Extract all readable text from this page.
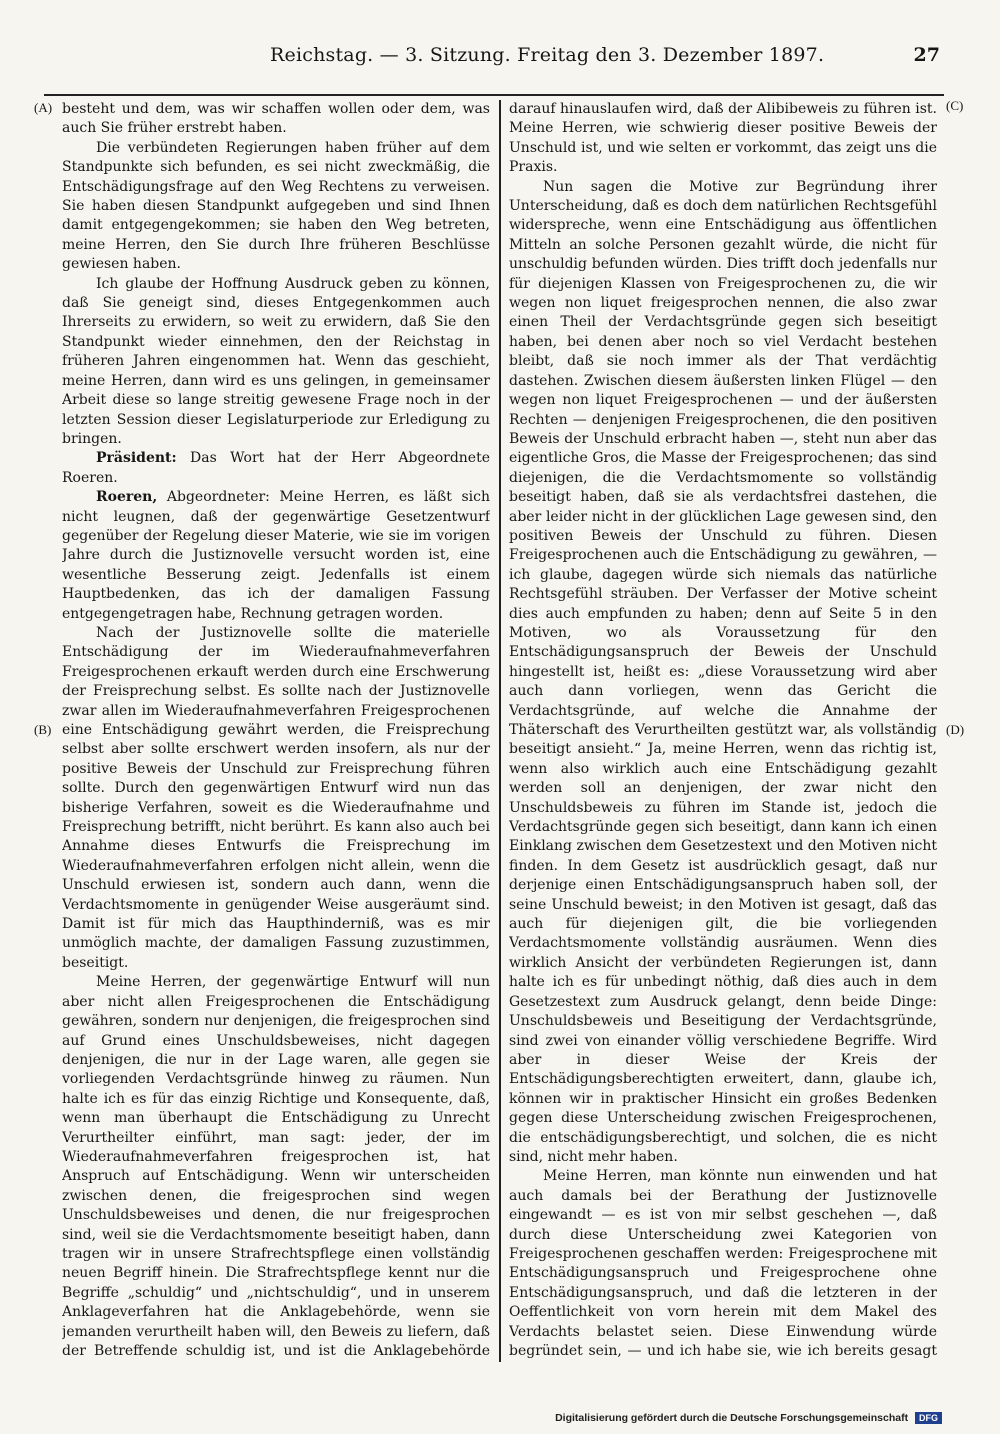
Reichstag. — 3. Sitzung. Freitag den 3. Dezember 1897.	27
(A)
(B)
(C)
(D)

besteht und dem, was wir schaffen wollen oder dem, was auch Sie früher erstrebt haben.

Die verbündeten Regierungen haben früher auf dem Standpunkte sich befunden, es sei nicht zweckmäßig, die Entschädigungsfrage auf den Weg Rechtens zu verweisen. Sie haben diesen Standpunkt aufgegeben und sind Ihnen damit entgegengekommen; sie haben den Weg betreten, meine Herren, den Sie durch Ihre früheren Beschlüsse gewiesen haben.

Ich glaube der Hoffnung Ausdruck geben zu können, daß Sie geneigt sind, dieses Entgegenkommen auch Ihrerseits zu erwidern, so weit zu erwidern, daß Sie den Standpunkt wieder einnehmen, den der Reichstag in früheren Jahren eingenommen hat. Wenn das geschieht, meine Herren, dann wird es uns gelingen, in gemeinsamer Arbeit diese so lange streitig gewesene Frage noch in der letzten Session dieser Legislaturperiode zur Erledigung zu bringen.

Präsident: Das Wort hat der Herr Abgeordnete Roeren.

Roeren, Abgeordneter: Meine Herren, es läßt sich nicht leugnen, daß der gegenwärtige Gesetzentwurf gegenüber der Regelung dieser Materie, wie sie im vorigen Jahre durch die Justiznovelle versucht worden ist, eine wesentliche Besserung zeigt. Jedenfalls ist einem Hauptbedenken, das ich der damaligen Fassung entgegengetragen habe, Rechnung getragen worden.

Nach der Justiznovelle sollte die materielle Entschädigung der im Wiederaufnahmeverfahren Freigesprochenen erkauft werden durch eine Erschwerung der Freisprechung selbst. Es sollte nach der Justiznovelle zwar allen im Wiederaufnahmeverfahren Freigesprochenen eine Entschädigung gewährt werden, die Freisprechung selbst aber sollte erschwert werden insofern, als nur der positive Beweis der Unschuld zur Freisprechung führen sollte. Durch den gegenwärtigen Entwurf wird nun das bisherige Verfahren, soweit es die Wiederaufnahme und Freisprechung betrifft, nicht berührt. Es kann also auch bei Annahme dieses Entwurfs die Freisprechung im Wiederaufnahmeverfahren erfolgen nicht allein, wenn die Unschuld erwiesen ist, sondern auch dann, wenn die Verdachtsmomente in genügender Weise ausgeräumt sind. Damit ist für mich das Haupthinderniß, was es mir unmöglich machte, der damaligen Fassung zuzustimmen, beseitigt.

Meine Herren, der gegenwärtige Entwurf will nun aber nicht allen Freigesprochenen die Entschädigung gewähren, sondern nur denjenigen, die freigesprochen sind auf Grund eines Unschuldsbeweises, nicht dagegen denjenigen, die nur in der Lage waren, alle gegen sie vorliegenden Verdachtsgründe hinweg zu räumen. Nun halte ich es für das einzig Richtige und Konsequente, daß, wenn man überhaupt die Entschädigung zu Unrecht Verurtheilter einführt, man sagt: jeder, der im Wiederaufnahmeverfahren freigesprochen ist, hat Anspruch auf Entschädigung. Wenn wir unterscheiden zwischen denen, die freigesprochen sind wegen Unschuldsbeweises und denen, die nur freigesprochen sind, weil sie die Verdachtsmomente beseitigt haben, dann tragen wir in unsere Strafrechtspflege einen vollständig neuen Begriff hinein. Die Strafrechtspflege kennt nur die Begriffe „schuldig“ und „nichtschuldig“, und in unserem Anklageverfahren hat die Anklagebehörde, wenn sie jemanden verurtheilt haben will, den Beweis zu liefern, daß der Betreffende schuldig ist, und ist die Anklagebehörde

darauf hinauslaufen wird, daß der Alibibeweis zu führen ist. Meine Herren, wie schwierig dieser positive Beweis der Unschuld ist, und wie selten er vorkommt, das zeigt uns die Praxis.

Nun sagen die Motive zur Begründung ihrer Unterscheidung, daß es doch dem natürlichen Rechtsgefühl widerspreche, wenn eine Entschädigung aus öffentlichen Mitteln an solche Personen gezahlt würde, die nicht für unschuldig befunden würden. Dies trifft doch jedenfalls nur für diejenigen Klassen von Freigesprochenen zu, die wir wegen non liquet freigesprochen nennen, die also zwar einen Theil der Verdachtsgründe gegen sich beseitigt haben, bei denen aber noch so viel Verdacht bestehen bleibt, daß sie noch immer als der That verdächtig dastehen. Zwischen diesem äußersten linken Flügel — den wegen non liquet Freigesprochenen — und der äußersten Rechten — denjenigen Freigesprochenen, die den positiven Beweis der Unschuld erbracht haben —, steht nun aber das eigentliche Gros, die Masse der Freigesprochenen; das sind diejenigen, die die Verdachtsmomente so vollständig beseitigt haben, daß sie als verdachtsfrei dastehen, die aber leider nicht in der glücklichen Lage gewesen sind, den positiven Beweis der Unschuld zu führen. Diesen Freigesprochenen auch die Entschädigung zu gewähren, — ich glaube, dagegen würde sich niemals das natürliche Rechtsgefühl sträuben. Der Verfasser der Motive scheint dies auch empfunden zu haben; denn auf Seite 5 in den Motiven, wo als Voraussetzung für den Entschädigungsanspruch der Beweis der Unschuld hingestellt ist, heißt es: „diese Voraussetzung wird aber auch dann vorliegen, wenn das Gericht die Verdachtsgründe, auf welche die Annahme der Thäterschaft des Verurtheilten gestützt war, als vollständig beseitigt ansieht.“ Ja, meine Herren, wenn das richtig ist, wenn also wirklich auch eine Entschädigung gezahlt werden soll an denjenigen, der zwar nicht den Unschuldsbeweis zu führen im Stande ist, jedoch die Verdachtsgründe gegen sich beseitigt, dann kann ich einen Einklang zwischen dem Gesetzestext und den Motiven nicht finden. In dem Gesetz ist ausdrücklich gesagt, daß nur derjenige einen Entschädigungsanspruch haben soll, der seine Unschuld beweist; in den Motiven ist gesagt, daß das auch für diejenigen gilt, die bie vorliegenden Verdachtsmomente vollständig ausräumen. Wenn dies wirklich Ansicht der verbündeten Regierungen ist, dann halte ich es für unbedingt nöthig, daß dies auch in dem Gesetzestext zum Ausdruck gelangt, denn beide Dinge: Unschuldsbeweis und Beseitigung der Verdachtsgründe, sind zwei von einander völlig verschiedene Begriffe. Wird aber in dieser Weise der Kreis der Entschädigungsberechtigten erweitert, dann, glaube ich, können wir in praktischer Hinsicht ein großes Bedenken gegen diese Unterscheidung zwischen Freigesprochenen, die entschädigungsberechtigt, und solchen, die es nicht sind, nicht mehr haben.

Meine Herren, man könnte nun einwenden und hat auch damals bei der Berathung der Justiznovelle eingewandt — es ist von mir selbst geschehen —, daß durch diese Unterscheidung zwei Kategorien von Freigesprochenen geschaffen werden: Freigesprochene mit Entschädigungsanspruch und Freigesprochene ohne Entschädigungsanspruch, und daß die letzteren in der Oeffentlichkeit von vorn herein mit dem Makel des Verdachts belastet seien. Diese Einwendung würde begründet sein, — und ich habe sie, wie ich bereits gesagt

Digitalisierung gefördert durch die Deutsche Forschungsgemeinschaft DFG
